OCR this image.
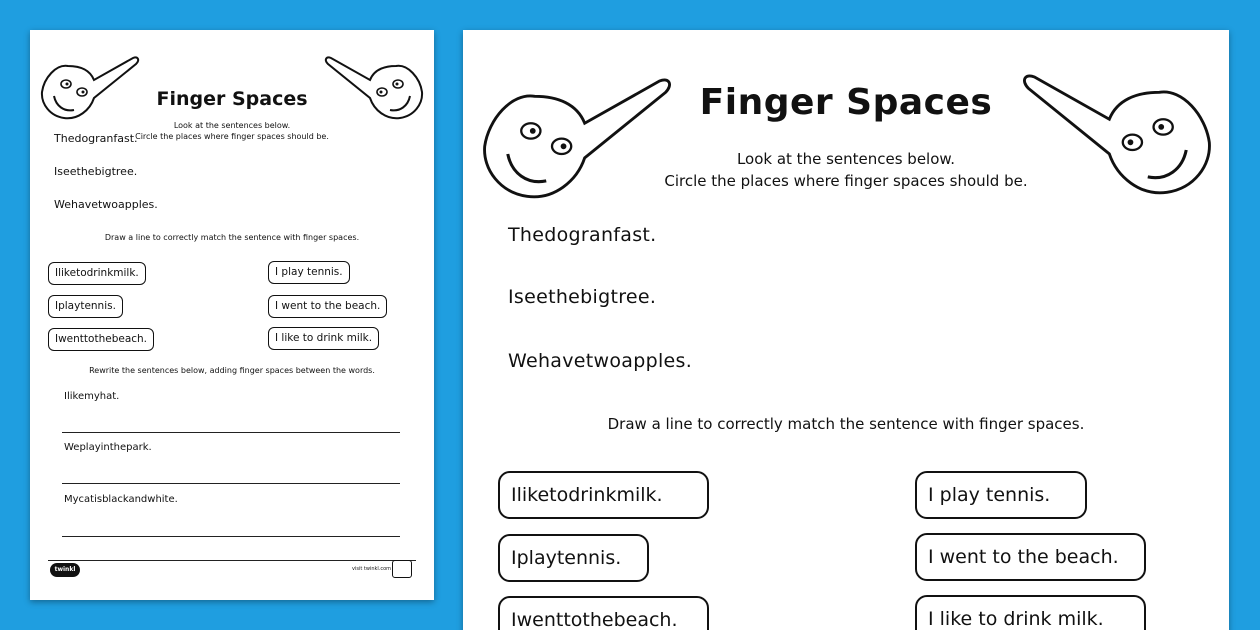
Finger Spaces
Look at the sentences below.
Circle the places where finger spaces should be.
Thedogranfast.
Iseethebigtree.
Wehavetwoapples.
Draw a line to correctly match the sentence with finger spaces.
Iliketodrinkmilk.
Iplaytennis.
Iwenttothebeach.
I play tennis.
I went to the beach.
I like to drink milk.
Rewrite the sentences below, adding finger spaces between the words.
Ilikemyhat.
Weplayinthepark.
Mycatisblackandwhite.
twinkl	visit twinkl.com
Finger Spaces
Look at the sentences below.
Circle the places where finger spaces should be.
Thedogranfast.
Iseethebigtree.
Wehavetwoapples.
Draw a line to correctly match the sentence with finger spaces.
Iliketodrinkmilk.
Iplaytennis.
Iwenttothebeach.
I play tennis.
I went to the beach.
I like to drink milk.
